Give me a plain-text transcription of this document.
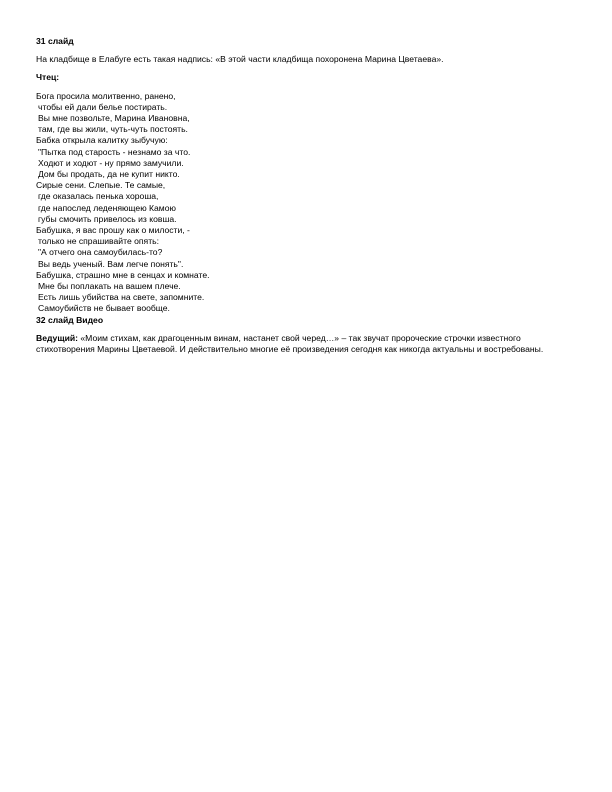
31 слайд

На кладбище в Елабуге есть такая надпись: «В этой части кладбища похоронена Марина Цветаева».

Чтец:

Бога просила молитвенно, ранено,
чтобы ей дали белье постирать.
Вы мне позвольте, Марина Ивановна,
там, где вы жили, чуть-чуть постоять.
Бабка открыла калитку зыбучую:
"Пытка под старость - незнамо за что.
Ходют и ходют - ну прямо замучили.
Дом бы продать, да не купит никто.
Сирые сени. Слепые. Те самые,
где оказалась пенька хороша,
где напослед леденяющею Камою
губы смочить привелось из ковша.
Бабушка, я вас прошу как о милости, -
только не спрашивайте опять:
"А отчего она самоубилась-то?
Вы ведь ученый. Вам легче понять".
Бабушка, страшно мне в сенцах и комнате.
Мне бы поплакать на вашем плече.
Есть лишь убийства на свете, запомните.
Самоубийств не бывает вообще.

32 слайд Видео

Ведущий: «Моим стихам, как драгоценным винам, настанет свой черед…» – так звучат пророческие строчки известного стихотворения Марины Цветаевой. И действительно многие её произведения сегодня как никогда актуальны и востребованы.
